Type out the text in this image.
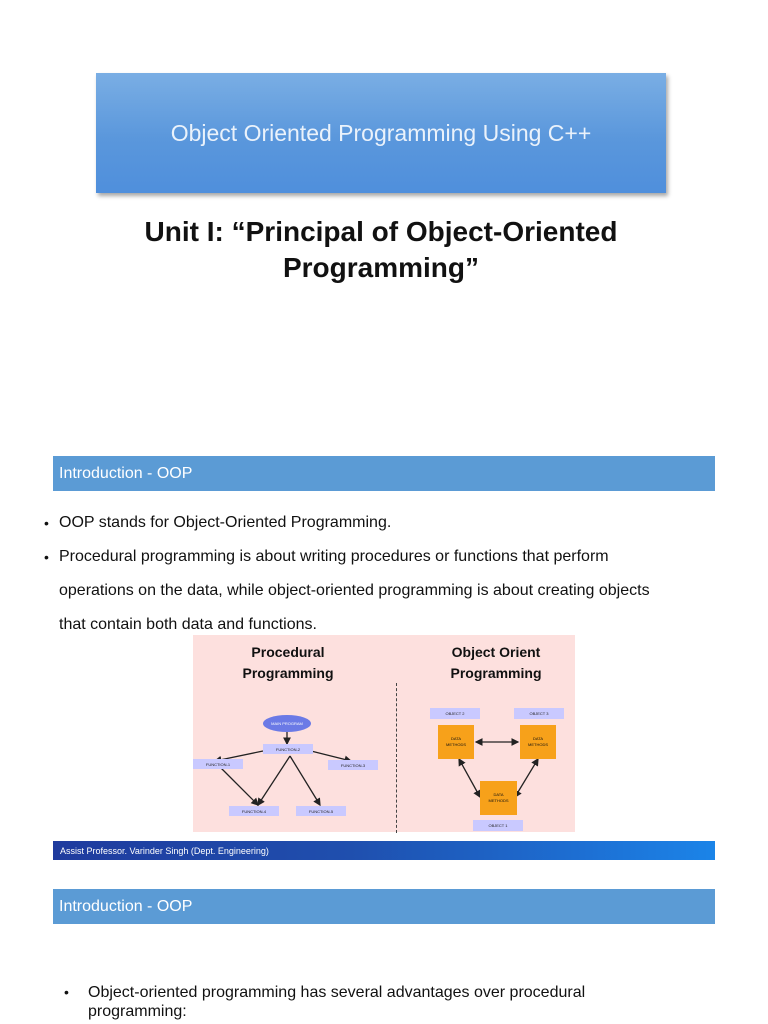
Object Oriented Programming Using C++
Unit I: “Principal of Object-Oriented
Programming”
Introduction - OOP
• OOP stands for Object-Oriented Programming.
• Procedural programming is about writing procedures or functions that perform
operations on the data, while object-oriented programming is about creating objects
that contain both data and functions.
Procedural
Programming
Object Orient
Programming
MAIN PROGRAM
FUNCTION-2
FUNCTION-1	FUNCTION-3
FUNCTION-4	FUNCTION-5
OBJECT 2	OBJECT 3
OBJECT 1
DATA
METHODS
DATA
METHODS
DATA
METHODS
Assist Professor. Varinder Singh (Dept. Engineering)
Introduction - OOP
•	Object-oriented programming has several advantages over procedural
programming:
